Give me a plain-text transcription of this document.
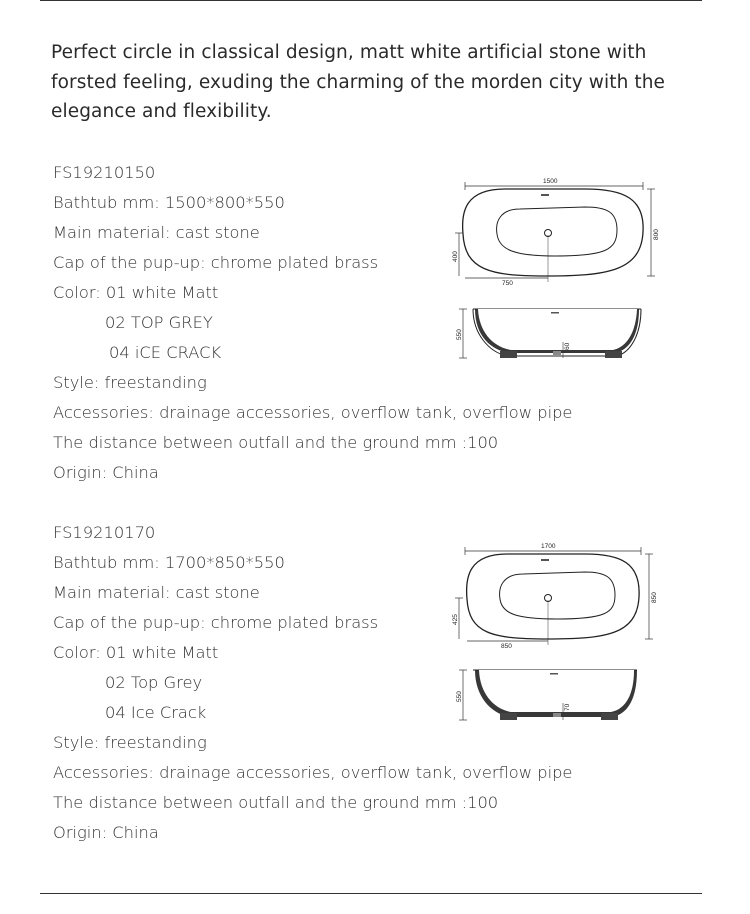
Perfect circle in classical design, matt white artificial stone with forsted feeling, exuding the charming of the morden city with the elegance and flexibility.

FS19210150
Bathtub mm: 1500*800*550
Main material: cast stone
Cap of the pup-up: chrome plated brass
Color: 01 white Matt
02 TOP GREY
04 iCE CRACK
Style: freestanding
Accessories: drainage accessories, overflow tank, overflow pipe
The distance between outfall and the ground mm :100
Origin: China
1500
800
400
750
550
60
FS19210170
Bathtub mm: 1700*850*550
Main material: cast stone
Cap of the pup-up: chrome plated brass
Color: 01 white Matt
02 Top Grey
04 Ice Crack
Style: freestanding
Accessories: drainage accessories, overflow tank, overflow pipe
The distance between outfall and the ground mm :100
Origin: China
1700
850
425
850
550
70
